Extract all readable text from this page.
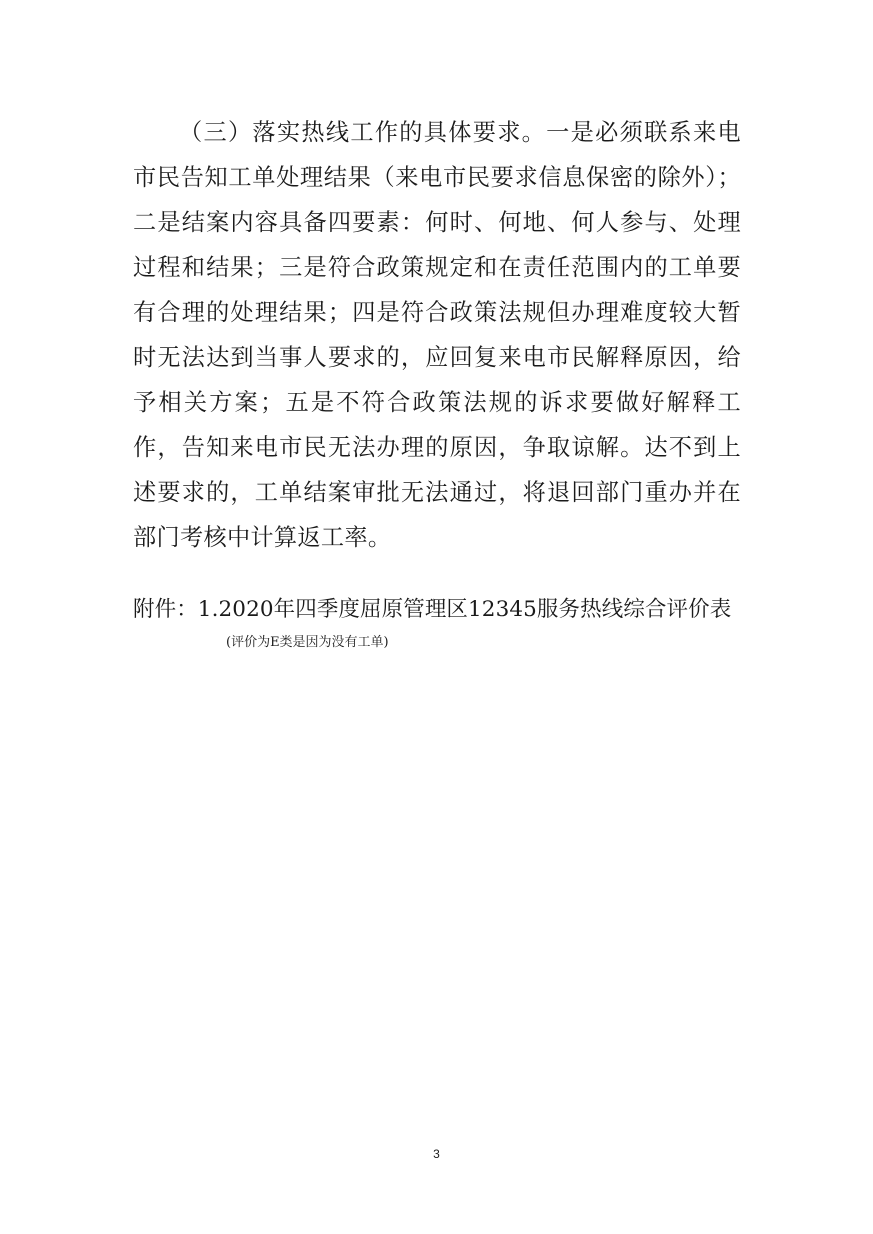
（三）落实热线工作的具体要求。一是必须联系来电市民告知工单处理结果（来电市民要求信息保密的除外）；二是结案内容具备四要素：何时、何地、何人参与、处理过程和结果；三是符合政策规定和在责任范围内的工单要有合理的处理结果；四是符合政策法规但办理难度较大暂时无法达到当事人要求的，应回复来电市民解释原因，给予相关方案；五是不符合政策法规的诉求要做好解释工作，告知来电市民无法办理的原因，争取谅解。达不到上述要求的，工单结案审批无法通过，将退回部门重办并在部门考核中计算返工率。

附件：1.2020年四季度屈原管理区12345服务热线综合评价表

(评价为E类是因为没有工单)

3
